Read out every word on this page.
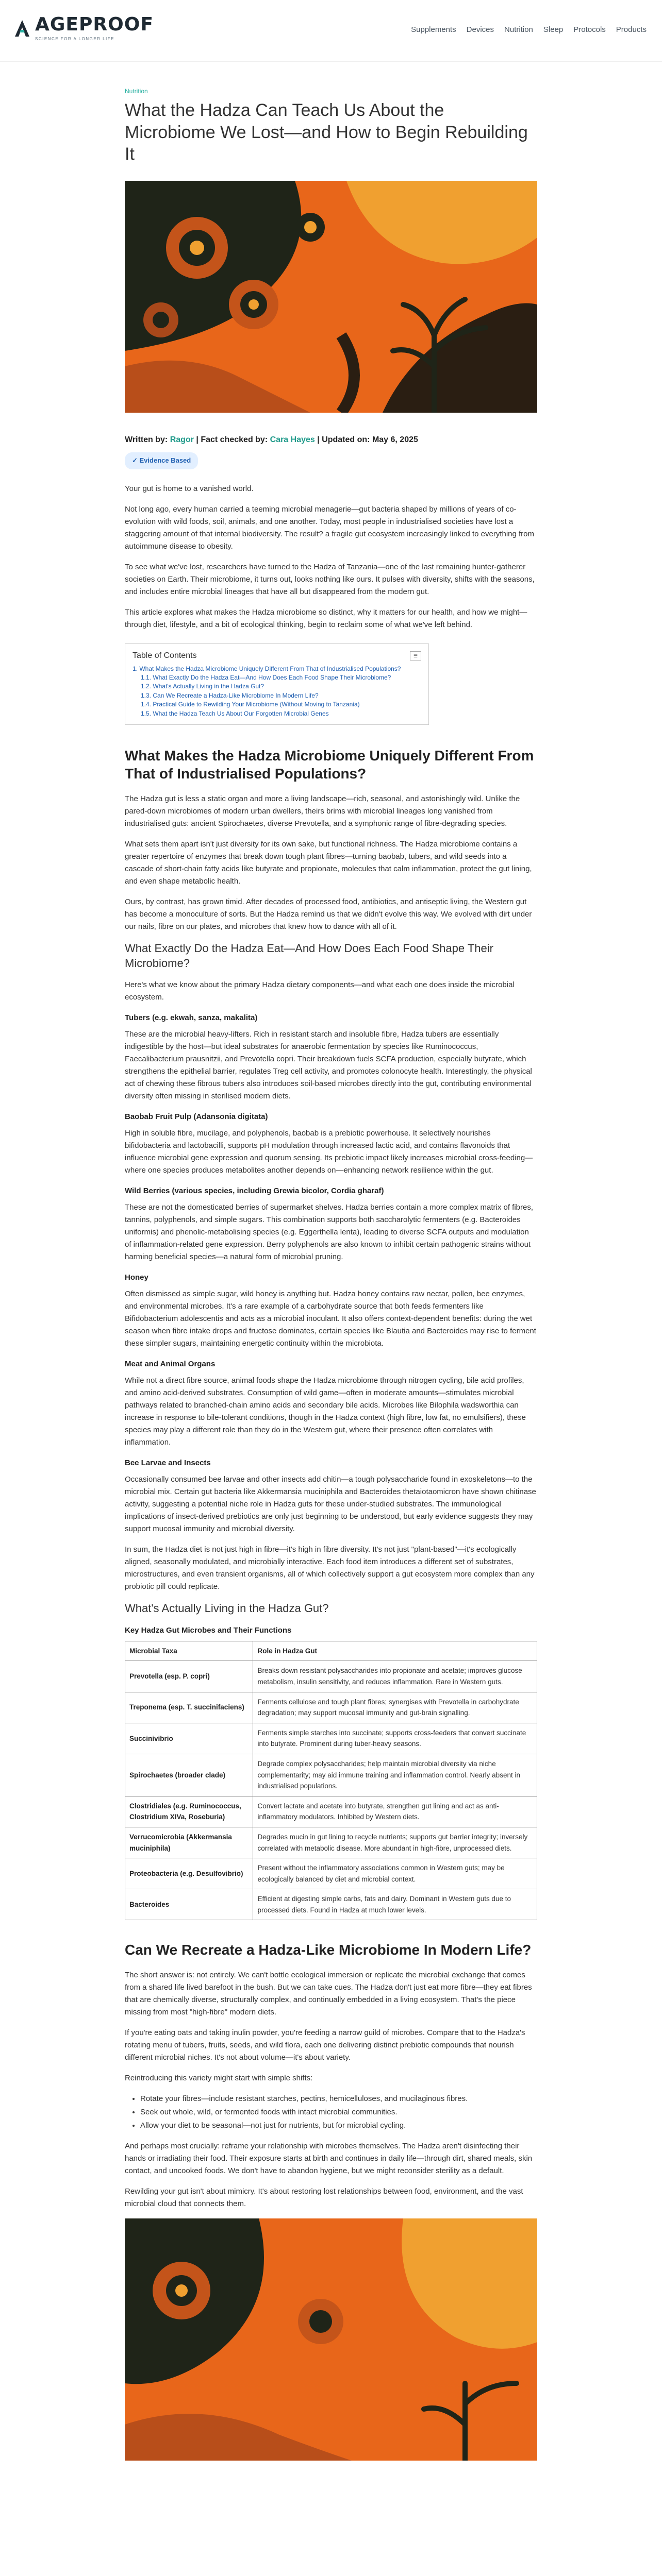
AGEPROOF
SCIENCE FOR A LONGER LIFE
Supplements Devices Nutrition Sleep Protocols Products
Nutrition
What the Hadza Can Teach Us About the Microbiome We Lost—and How to Begin Rebuilding It
Written by: Ragor | Fact checked by: Cara Hayes | Updated on: May 6, 2025
✓ Evidence Based

Your gut is home to a vanished world.

Not long ago, every human carried a teeming microbial menagerie—gut bacteria shaped by millions of years of co-evolution with wild foods, soil, animals, and one another. Today, most people in industrialised societies have lost a staggering amount of that internal biodiversity. The result? a fragile gut ecosystem increasingly linked to everything from autoimmune disease to obesity.

To see what we've lost, researchers have turned to the Hadza of Tanzania—one of the last remaining hunter-gatherer societies on Earth. Their microbiome, it turns out, looks nothing like ours. It pulses with diversity, shifts with the seasons, and includes entire microbial lineages that have all but disappeared from the modern gut.

This article explores what makes the Hadza microbiome so distinct, why it matters for our health, and how we might—through diet, lifestyle, and a bit of ecological thinking, begin to reclaim some of what we've left behind.

Table of Contents	☰
1. What Makes the Hadza Microbiome Uniquely Different From That of Industrialised Populations?
1.1. What Exactly Do the Hadza Eat—And How Does Each Food Shape Their Microbiome?
1.2. What's Actually Living in the Hadza Gut?
1.3. Can We Recreate a Hadza-Like Microbiome In Modern Life?
1.4. Practical Guide to Rewilding Your Microbiome (Without Moving to Tanzania)
1.5. What the Hadza Teach Us About Our Forgotten Microbial Genes
What Makes the Hadza Microbiome Uniquely Different From That of Industrialised Populations?

The Hadza gut is less a static organ and more a living landscape—rich, seasonal, and astonishingly wild. Unlike the pared-down microbiomes of modern urban dwellers, theirs brims with microbial lineages long vanished from industrialised guts: ancient Spirochaetes, diverse Prevotella, and a symphonic range of fibre-degrading species.

What sets them apart isn't just diversity for its own sake, but functional richness. The Hadza microbiome contains a greater repertoire of enzymes that break down tough plant fibres—turning baobab, tubers, and wild seeds into a cascade of short-chain fatty acids like butyrate and propionate, molecules that calm inflammation, protect the gut lining, and even shape metabolic health.

Ours, by contrast, has grown timid. After decades of processed food, antibiotics, and antiseptic living, the Western gut has become a monoculture of sorts. But the Hadza remind us that we didn't evolve this way. We evolved with dirt under our nails, fibre on our plates, and microbes that knew how to dance with all of it.

What Exactly Do the Hadza Eat—And How Does Each Food Shape Their Microbiome?

Here's what we know about the primary Hadza dietary components—and what each one does inside the microbial ecosystem.

Tubers (e.g. ekwah, sanza, makalita)

These are the microbial heavy-lifters. Rich in resistant starch and insoluble fibre, Hadza tubers are essentially indigestible by the host—but ideal substrates for anaerobic fermentation by species like Ruminococcus, Faecalibacterium prausnitzii, and Prevotella copri. Their breakdown fuels SCFA production, especially butyrate, which strengthens the epithelial barrier, regulates Treg cell activity, and promotes colonocyte health. Interestingly, the physical act of chewing these fibrous tubers also introduces soil-based microbes directly into the gut, contributing environmental diversity often missing in sterilised modern diets.

Baobab Fruit Pulp (Adansonia digitata)

High in soluble fibre, mucilage, and polyphenols, baobab is a prebiotic powerhouse. It selectively nourishes bifidobacteria and lactobacilli, supports pH modulation through increased lactic acid, and contains flavonoids that influence microbial gene expression and quorum sensing. Its prebiotic impact likely increases microbial cross-feeding—where one species produces metabolites another depends on—enhancing network resilience within the gut.

Wild Berries (various species, including Grewia bicolor, Cordia gharaf)

These are not the domesticated berries of supermarket shelves. Hadza berries contain a more complex matrix of fibres, tannins, polyphenols, and simple sugars. This combination supports both saccharolytic fermenters (e.g. Bacteroides uniformis) and phenolic-metabolising species (e.g. Eggerthella lenta), leading to diverse SCFA outputs and modulation of inflammation-related gene expression. Berry polyphenols are also known to inhibit certain pathogenic strains without harming beneficial species—a natural form of microbial pruning.

Honey

Often dismissed as simple sugar, wild honey is anything but. Hadza honey contains raw nectar, pollen, bee enzymes, and environmental microbes. It's a rare example of a carbohydrate source that both feeds fermenters like Bifidobacterium adolescentis and acts as a microbial inoculant. It also offers context-dependent benefits: during the wet season when fibre intake drops and fructose dominates, certain species like Blautia and Bacteroides may rise to ferment these simpler sugars, maintaining energetic continuity within the microbiota.

Meat and Animal Organs

While not a direct fibre source, animal foods shape the Hadza microbiome through nitrogen cycling, bile acid profiles, and amino acid-derived substrates. Consumption of wild game—often in moderate amounts—stimulates microbial pathways related to branched-chain amino acids and secondary bile acids. Microbes like Bilophila wadsworthia can increase in response to bile-tolerant conditions, though in the Hadza context (high fibre, low fat, no emulsifiers), these species may play a different role than they do in the Western gut, where their presence often correlates with inflammation.

Bee Larvae and Insects

Occasionally consumed bee larvae and other insects add chitin—a tough polysaccharide found in exoskeletons—to the microbial mix. Certain gut bacteria like Akkermansia muciniphila and Bacteroides thetaiotaomicron have shown chitinase activity, suggesting a potential niche role in Hadza guts for these under-studied substrates. The immunological implications of insect-derived prebiotics are only just beginning to be understood, but early evidence suggests they may support mucosal immunity and microbial diversity.

In sum, the Hadza diet is not just high in fibre—it's high in fibre diversity. It's not just "plant-based"—it's ecologically aligned, seasonally modulated, and microbially interactive. Each food item introduces a different set of substrates, microstructures, and even transient organisms, all of which collectively support a gut ecosystem more complex than any probiotic pill could replicate.

What's Actually Living in the Hadza Gut?
Key Hadza Gut Microbes and Their Functions
Microbial Taxa	Role in Hadza Gut
Prevotella (esp. P. copri)	Breaks down resistant polysaccharides into propionate and acetate; improves glucose metabolism, insulin sensitivity, and reduces inflammation. Rare in Western guts.
Treponema (esp. T. succinifaciens)	Ferments cellulose and tough plant fibres; synergises with Prevotella in carbohydrate degradation; may support mucosal immunity and gut-brain signalling.
Succinivibrio	Ferments simple starches into succinate; supports cross-feeders that convert succinate into butyrate. Prominent during tuber-heavy seasons.
Spirochaetes (broader clade)	Degrade complex polysaccharides; help maintain microbial diversity via niche complementarity; may aid immune training and inflammation control. Nearly absent in industrialised populations.
Clostridiales (e.g. Ruminococcus, Clostridium XIVa, Roseburia)	Convert lactate and acetate into butyrate, strengthen gut lining and act as anti-inflammatory modulators. Inhibited by Western diets.
Verrucomicrobia (Akkermansia muciniphila)	Degrades mucin in gut lining to recycle nutrients; supports gut barrier integrity; inversely correlated with metabolic disease. More abundant in high-fibre, unprocessed diets.
Proteobacteria (e.g. Desulfovibrio)	Present without the inflammatory associations common in Western guts; may be ecologically balanced by diet and microbial context.
Bacteroides	Efficient at digesting simple carbs, fats and dairy. Dominant in Western guts due to processed diets. Found in Hadza at much lower levels.
Can We Recreate a Hadza-Like Microbiome In Modern Life?

The short answer is: not entirely. We can't bottle ecological immersion or replicate the microbial exchange that comes from a shared life lived barefoot in the bush. But we can take cues. The Hadza don't just eat more fibre—they eat fibres that are chemically diverse, structurally complex, and continually embedded in a living ecosystem. That's the piece missing from most "high-fibre" modern diets.

If you're eating oats and taking inulin powder, you're feeding a narrow guild of microbes. Compare that to the Hadza's rotating menu of tubers, fruits, seeds, and wild flora, each one delivering distinct prebiotic compounds that nourish different microbial niches. It's not about volume—it's about variety.

Reintroducing this variety might start with simple shifts:

• Rotate your fibres—include resistant starches, pectins, hemicelluloses, and mucilaginous fibres.
• Seek out whole, wild, or fermented foods with intact microbial communities.
• Allow your diet to be seasonal—not just for nutrients, but for microbial cycling.

And perhaps most crucially: reframe your relationship with microbes themselves. The Hadza aren't disinfecting their hands or irradiating their food. Their exposure starts at birth and continues in daily life—through dirt, shared meals, skin contact, and uncooked foods. We don't have to abandon hygiene, but we might reconsider sterility as a default.

Rewilding your gut isn't about mimicry. It's about restoring lost relationships between food, environment, and the vast microbial cloud that connects them.
